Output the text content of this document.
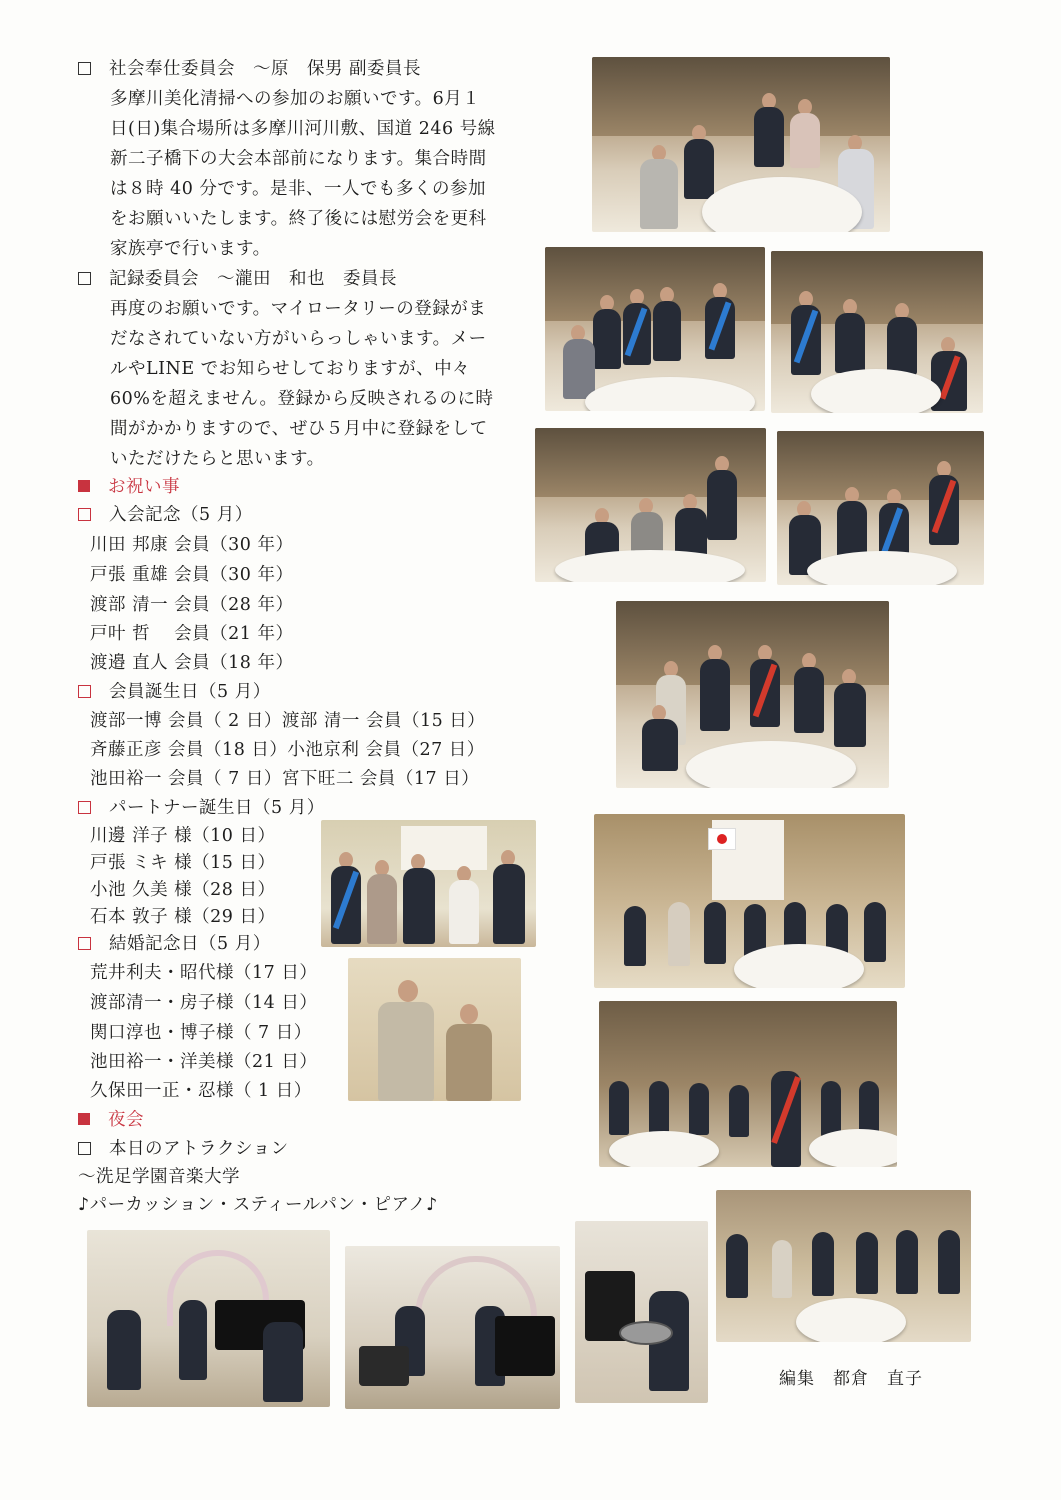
社会奉仕委員会　～原　保男 副委員長
多摩川美化清掃への参加のお願いです。6月１
日(日)集合場所は多摩川河川敷、国道 246 号線
新二子橋下の大会本部前になります。集合時間
は８時 40 分です。是非、一人でも多くの参加
をお願いいたします。終了後には慰労会を更科
家族亭で行います。
記録委員会　～瀧田　和也　委員長
再度のお願いです。マイロータリーの登録がま
だなされていない方がいらっしゃいます。メー
ルやLINE でお知らせしておりますが、中々
60%を超えません。登録から反映されるのに時
間がかかりますので、ぜひ５月中に登録をして
いただけたらと思います。
お祝い事
入会記念（5 月）
川田 邦康 会員（30 年）
戸張 重雄 会員（30 年）
渡部 清一 会員（28 年）
戸叶 哲　 会員（21 年）
渡邉 直人 会員（18 年）
会員誕生日（5 月）
渡部一博 会員（ 2 日）渡部 清一 会員（15 日）
斉藤正彦 会員（18 日）小池京利 会員（27 日）
池田裕一 会員（ 7 日）宮下旺二 会員（17 日）
パートナー誕生日（5 月）
川邊 洋子 様（10 日）
戸張 ミキ 様（15 日）
小池 久美 様（28 日）
石本 敦子 様（29 日）
結婚記念日（5 月）
荒井利夫・昭代様（17 日）
渡部清一・房子様（14 日）
関口淳也・博子様（ 7 日）
池田裕一・洋美様（21 日）
久保田一正・忍様（ 1 日）
夜会
本日のアトラクション
～洗足学園音楽大学
♪パーカッション・スティールパン・ピアノ♪
編集　都倉　直子
